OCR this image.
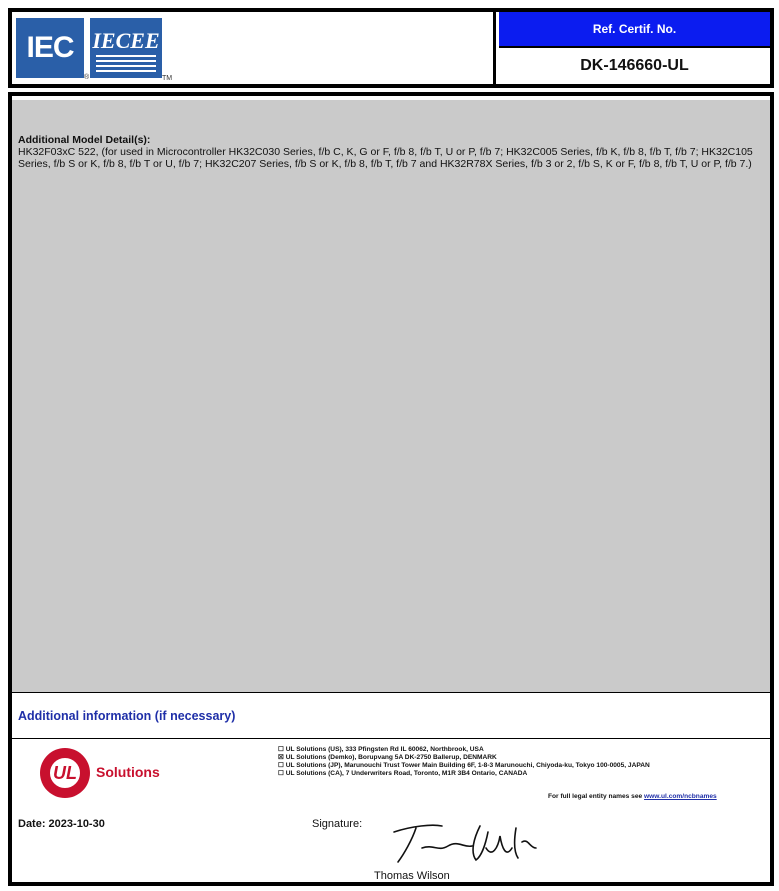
IEC IECEE
®	TM
Ref. Certif. No.
DK-146660-UL
Additional Model Detail(s):
HK32F03xC 522, (for used in Microcontroller HK32C030 Series, f/b C, K, G or F, f/b 8, f/b T, U or P, f/b 7; HK32C005 Series, f/b K, f/b 8, f/b T, f/b 7; HK32C105 Series, f/b S or K, f/b 8, f/b T or U, f/b 7; HK32C207 Series, f/b S or K, f/b 8, f/b T, f/b 7 and HK32R78X Series, f/b 3 or 2, f/b S, K or F, f/b 8, f/b T, U or P, f/b 7.)
Additional information (if necessary)
UL	Solutions
☐ UL Solutions (US), 333 Pfingsten Rd IL 60062, Northbrook, USA
☒ UL Solutions (Demko), Borupvang 5A DK-2750 Ballerup, DENMARK
☐ UL Solutions (JP), Marunouchi Trust Tower Main Building 6F, 1-8-3 Marunouchi, Chiyoda-ku, Tokyo 100-0005, JAPAN
☐ UL Solutions (CA), 7 Underwriters Road, Toronto, M1R 3B4 Ontario, CANADA
For full legal entity names see www.ul.com/ncbnames
Date: 2023-10-30	Signature:
Thomas Wilson
